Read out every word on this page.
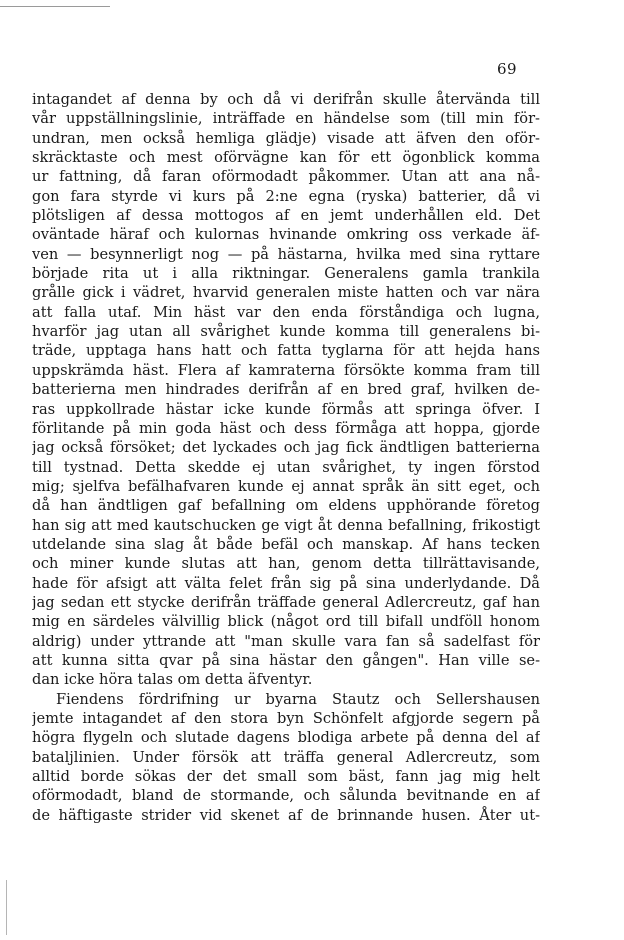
69
intagandet af denna by och då vi derifrån skulle återvända till
vår uppställningslinie, inträffade en händelse som (till min för-
undran, men också hemliga glädje) visade att äfven den oför-
skräcktaste och mest oförvägne kan för ett ögonblick komma
ur fattning, då faran oförmodadt påkommer. Utan att ana nå-
gon fara styrde vi kurs på 2:ne egna (ryska) batterier, då vi
plötsligen af dessa mottogos af en jemt underhållen eld. Det
oväntade häraf och kulornas hvinande omkring oss verkade äf-
ven — besynnerligt nog — på hästarna, hvilka med sina ryttare
började rita ut i alla riktningar. Generalens gamla trankila
grålle gick i vädret, hvarvid generalen miste hatten och var nära
att falla utaf. Min häst var den enda förståndiga och lugna,
hvarför jag utan all svårighet kunde komma till generalens bi-
träde, upptaga hans hatt och fatta tyglarna för att hejda hans
uppskrämda häst. Flera af kamraterna försökte komma fram till
batterierna men hindrades derifrån af en bred graf, hvilken de-
ras uppkollrade hästar icke kunde förmås att springa öfver. I
förlitande på min goda häst och dess förmåga att hoppa, gjorde
jag också försöket; det lyckades och jag fick ändtligen batterierna
till tystnad. Detta skedde ej utan svårighet, ty ingen förstod
mig; sjelfva befälhafvaren kunde ej annat språk än sitt eget, och
då han ändtligen gaf befallning om eldens upphörande företog
han sig att med kautschucken ge vigt åt denna befallning, frikostigt
utdelande sina slag åt både befäl och manskap. Af hans tecken
och miner kunde slutas att han, genom detta tillrättavisande,
hade för afsigt att välta felet från sig på sina underlydande. Då
jag sedan ett stycke derifrån träffade general Adlercreutz, gaf han
mig en särdeles välvillig blick (något ord till bifall undföll honom
aldrig) under yttrande att "man skulle vara fan så sadelfast för
att kunna sitta qvar på sina hästar den gången". Han ville se-
dan icke höra talas om detta äfventyr.
Fiendens fördrifning ur byarna Stautz och Sellershausen
jemte intagandet af den stora byn Schönfelt afgjorde segern på
högra flygeln och slutade dagens blodiga arbete på denna del af
bataljlinien. Under försök att träffa general Adlercreutz, som
alltid borde sökas der det small som bäst, fann jag mig helt
oförmodadt, bland de stormande, och sålunda bevitnande en af
de häftigaste strider vid skenet af de brinnande husen. Åter ut-
